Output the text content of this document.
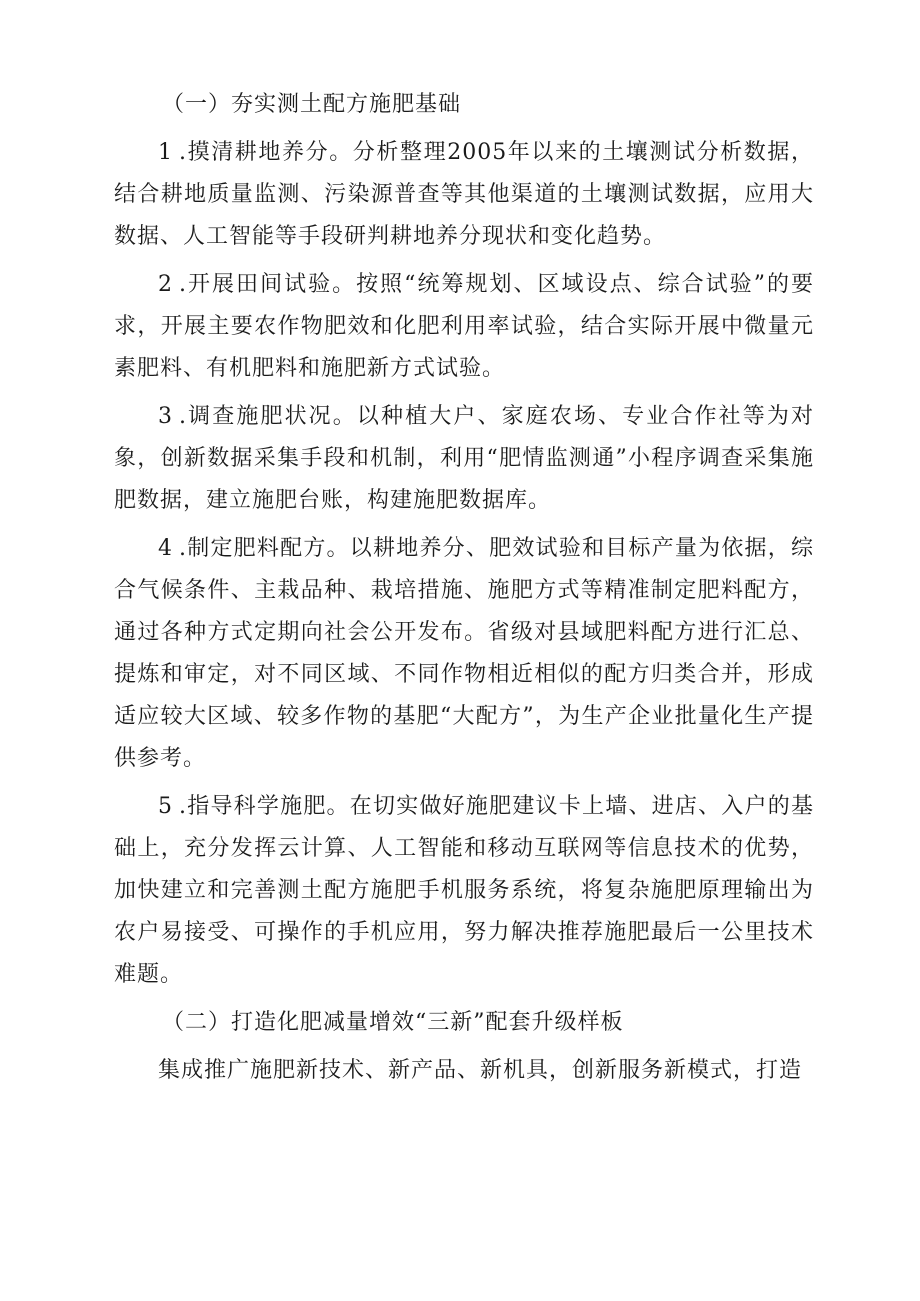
（一）夯实测土配方施肥基础

1 .摸清耕地养分。分析整理2005年以来的土壤测试分析数据，结合耕地质量监测、污染源普查等其他渠道的土壤测试数据，应用大数据、人工智能等手段研判耕地养分现状和变化趋势。

2 .开展田间试验。按照“统筹规划、区域设点、综合试验”的要求，开展主要农作物肥效和化肥利用率试验，结合实际开展中微量元素肥料、有机肥料和施肥新方式试验。

3 .调查施肥状况。以种植大户、家庭农场、专业合作社等为对象，创新数据采集手段和机制，利用“肥情监测通”小程序调查采集施肥数据，建立施肥台账，构建施肥数据库。

4 .制定肥料配方。以耕地养分、肥效试验和目标产量为依据，综合气候条件、主栽品种、栽培措施、施肥方式等精准制定肥料配方，通过各种方式定期向社会公开发布。省级对县域肥料配方进行汇总、提炼和审定，对不同区域、不同作物相近相似的配方归类合并，形成适应较大区域、较多作物的基肥“大配方”，为生产企业批量化生产提供参考。

5 .指导科学施肥。在切实做好施肥建议卡上墙、进店、入户的基础上，充分发挥云计算、人工智能和移动互联网等信息技术的优势，加快建立和完善测土配方施肥手机服务系统，将复杂施肥原理输出为农户易接受、可操作的手机应用，努力解决推荐施肥最后一公里技术难题。

（二）打造化肥减量增效“三新”配套升级样板

集成推广施肥新技术、新产品、新机具，创新服务新模式，打造
